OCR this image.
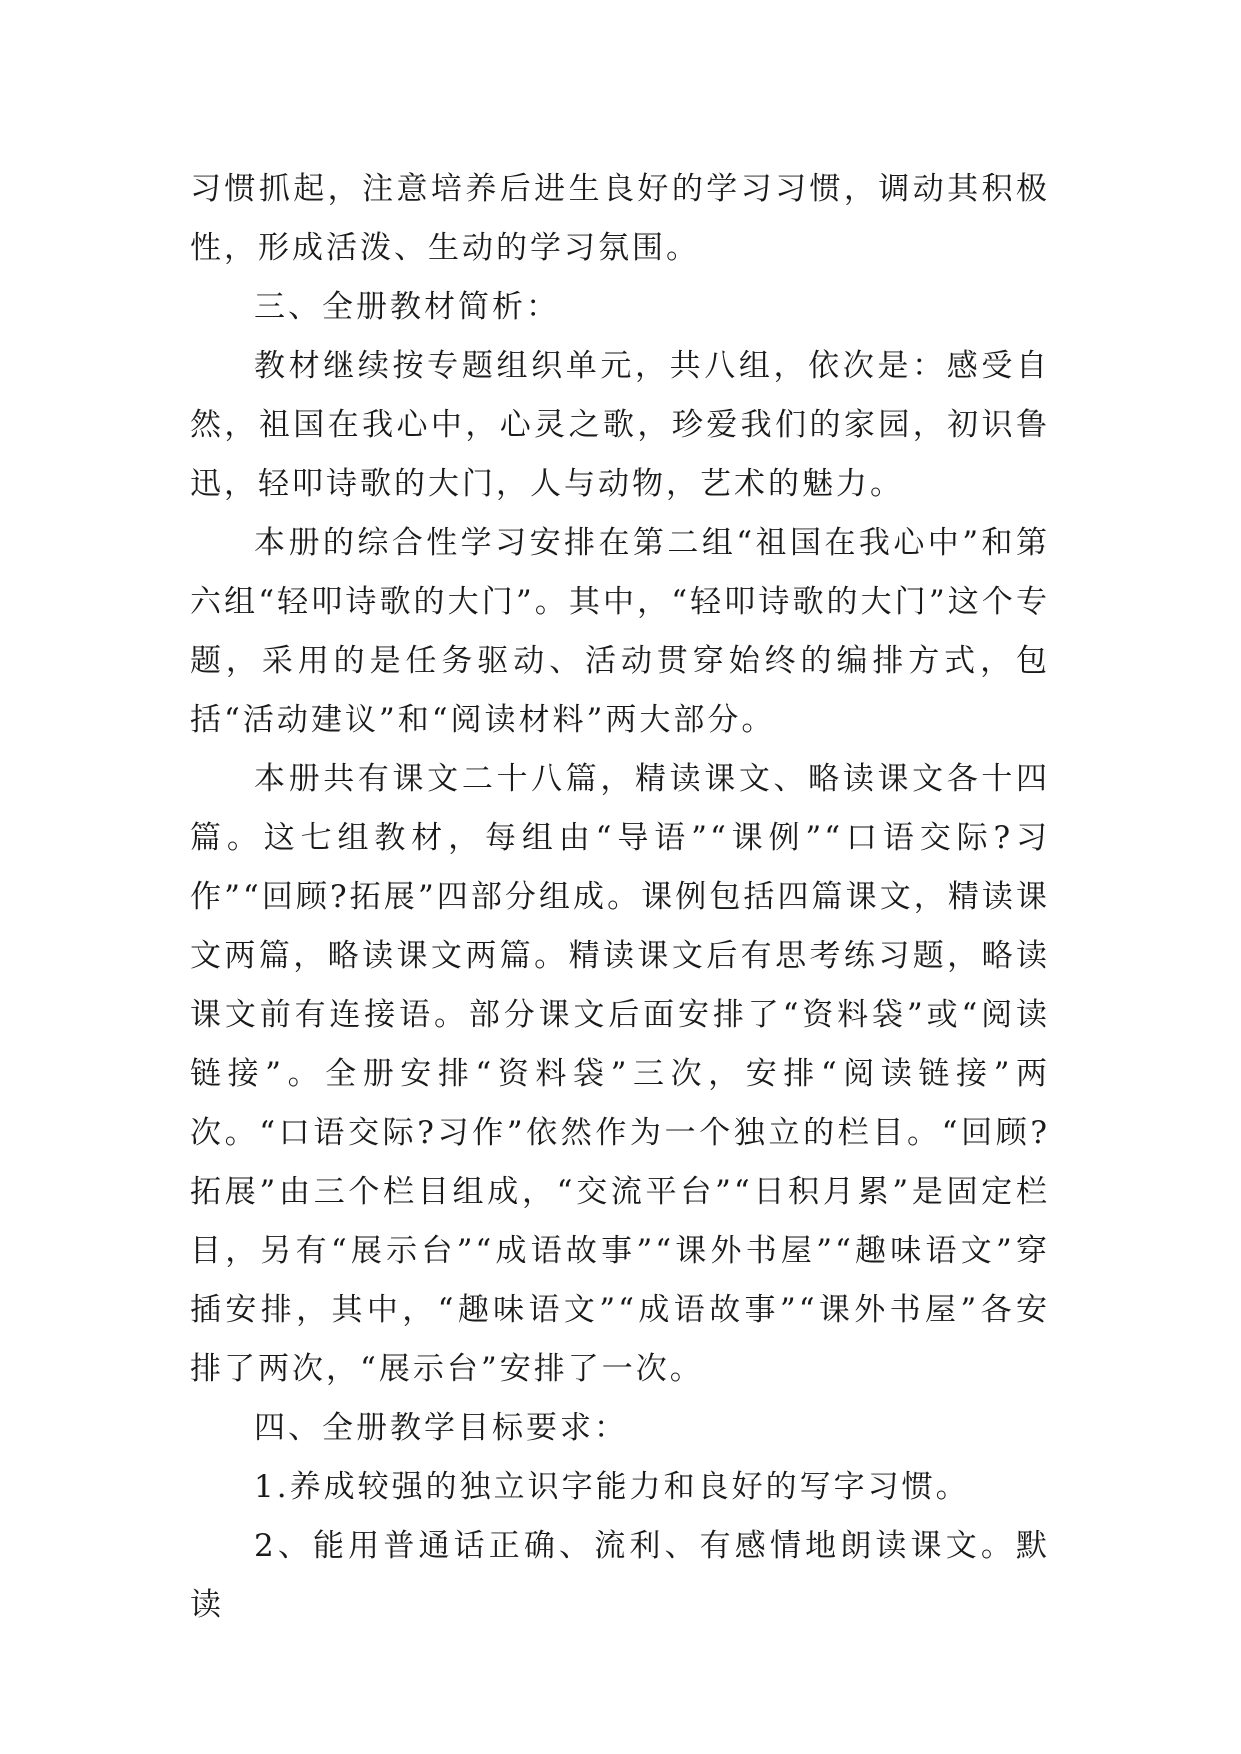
习惯抓起，注意培养后进生良好的学习习惯，调动其积极性，形成活泼、生动的学习氛围。

三、全册教材简析：

教材继续按专题组织单元，共八组，依次是：感受自然，祖国在我心中，心灵之歌，珍爱我们的家园，初识鲁迅，轻叩诗歌的大门，人与动物，艺术的魅力。

本册的综合性学习安排在第二组“祖国在我心中”和第六组“轻叩诗歌的大门”。其中，“轻叩诗歌的大门”这个专题，采用的是任务驱动、活动贯穿始终的编排方式，包括“活动建议”和“阅读材料”两大部分。

本册共有课文二十八篇，精读课文、略读课文各十四篇。这七组教材，每组由“导语”“课例”“口语交际?习作”“回顾?拓展”四部分组成。课例包括四篇课文，精读课文两篇，略读课文两篇。精读课文后有思考练习题，略读课文前有连接语。部分课文后面安排了“资料袋”或“阅读链接”。全册安排“资料袋”三次，安排“阅读链接”两次。“口语交际?习作”依然作为一个独立的栏目。“回顾?拓展”由三个栏目组成，“交流平台”“日积月累”是固定栏目，另有“展示台”“成语故事”“课外书屋”“趣味语文”穿插安排，其中，“趣味语文”“成语故事”“课外书屋”各安排了两次，“展示台”安排了一次。

四、全册教学目标要求：

1.养成较强的独立识字能力和良好的写字习惯。

2、能用普通话正确、流利、有感情地朗读课文。默读
